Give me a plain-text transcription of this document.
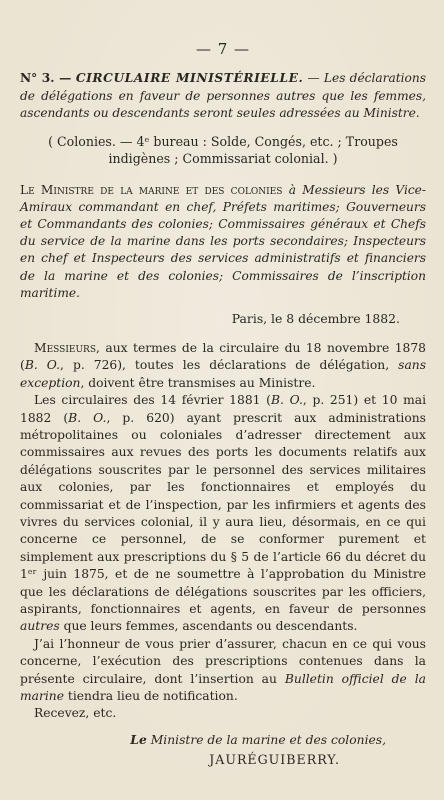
— 7 —

N° 3. — CIRCULAIRE MINISTÉRIELLE. — Les déclarations de délégations en faveur de personnes autres que les femmes, ascendants ou descendants seront seules adressées au Ministre.

( Colonies. — 4ᵉ bureau : Solde, Congés, etc. ; Troupes indigènes ; Commissariat colonial. )

Le Ministre de la marine et des colonies à Messieurs les Vice-Amiraux commandant en chef, Préfets maritimes; Gouverneurs et Commandants des colonies; Commissaires généraux et Chefs du service de la marine dans les ports secondaires; Inspecteurs en chef et Inspecteurs des services administratifs et financiers de la marine et des colonies; Commissaires de l’inscription maritime.

Paris, le 8 décembre 1882.

Messieurs, aux termes de la circulaire du 18 novembre 1878 (B. O., p. 726), toutes les déclarations de délégation, sans exception, doivent être transmises au Ministre.

Les circulaires des 14 février 1881 (B. O., p. 251) et 10 mai 1882 (B. O., p. 620) ayant prescrit aux administrations métropolitaines ou coloniales d’adresser directement aux commissaires aux revues des ports les documents relatifs aux délégations souscrites par le personnel des services militaires aux colonies, par les fonctionnaires et employés du commissariat et de l’inspection, par les infirmiers et agents des vivres du services colonial, il y aura lieu, désormais, en ce qui concerne ce personnel, de se conformer purement et simplement aux prescriptions du § 5 de l’article 66 du décret du 1ᵉʳ juin 1875, et de ne soumettre à l’approbation du Ministre que les déclarations de délégations souscrites par les officiers, aspirants, fonctionnaires et agents, en faveur de personnes autres que leurs femmes, ascendants ou descendants.

J’ai l’honneur de vous prier d’assurer, chacun en ce qui vous concerne, l’exécution des prescriptions contenues dans la présente circulaire, dont l’insertion au Bulletin officiel de la marine tiendra lieu de notification.

Recevez, etc.

Le Ministre de la marine et des colonies,
JAURÉGUIBERRY.
